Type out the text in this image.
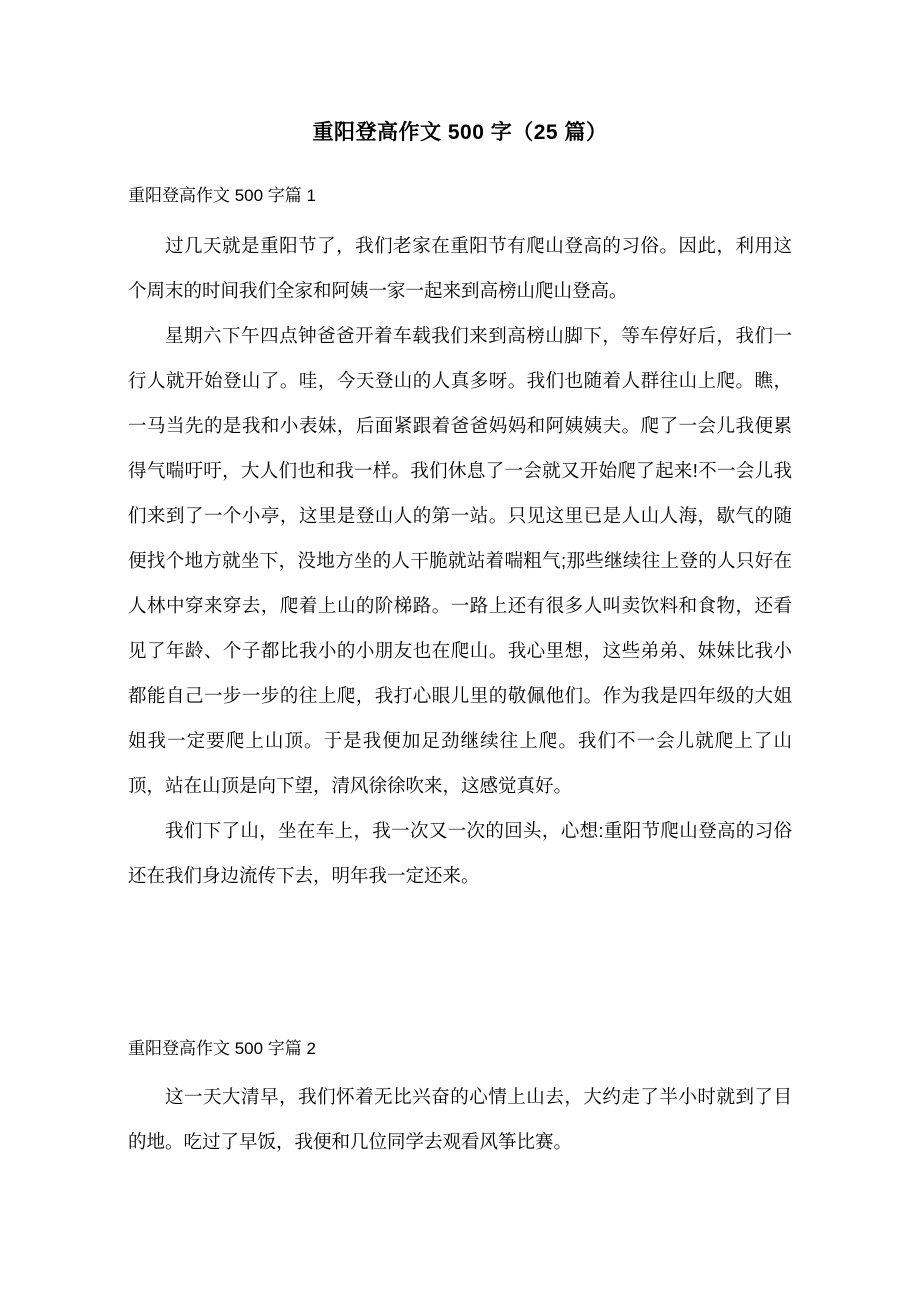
重阳登高作文 500 字（25 篇）
重阳登高作文 500 字篇 1

过几天就是重阳节了，我们老家在重阳节有爬山登高的习俗。因此，利用这个周末的时间我们全家和阿姨一家一起来到高榜山爬山登高。

星期六下午四点钟爸爸开着车载我们来到高榜山脚下，等车停好后，我们一行人就开始登山了。哇，今天登山的人真多呀。我们也随着人群往山上爬。瞧，一马当先的是我和小表妹，后面紧跟着爸爸妈妈和阿姨姨夫。爬了一会儿我便累得气喘吁吁，大人们也和我一样。我们休息了一会就又开始爬了起来!不一会儿我们来到了一个小亭，这里是登山人的第一站。只见这里已是人山人海，歇气的随便找个地方就坐下，没地方坐的人干脆就站着喘粗气;那些继续往上登的人只好在人林中穿来穿去，爬着上山的阶梯路。一路上还有很多人叫卖饮料和食物，还看见了年龄、个子都比我小的小朋友也在爬山。我心里想，这些弟弟、妹妹比我小都能自己一步一步的往上爬，我打心眼儿里的敬佩他们。作为我是四年级的大姐姐我一定要爬上山顶。于是我便加足劲继续往上爬。我们不一会儿就爬上了山顶，站在山顶是向下望，清风徐徐吹来，这感觉真好。

我们下了山，坐在车上，我一次又一次的回头，心想:重阳节爬山登高的习俗还在我们身边流传下去，明年我一定还来。

重阳登高作文 500 字篇 2

这一天大清早，我们怀着无比兴奋的心情上山去，大约走了半小时就到了目的地。吃过了早饭，我便和几位同学去观看风筝比赛。
